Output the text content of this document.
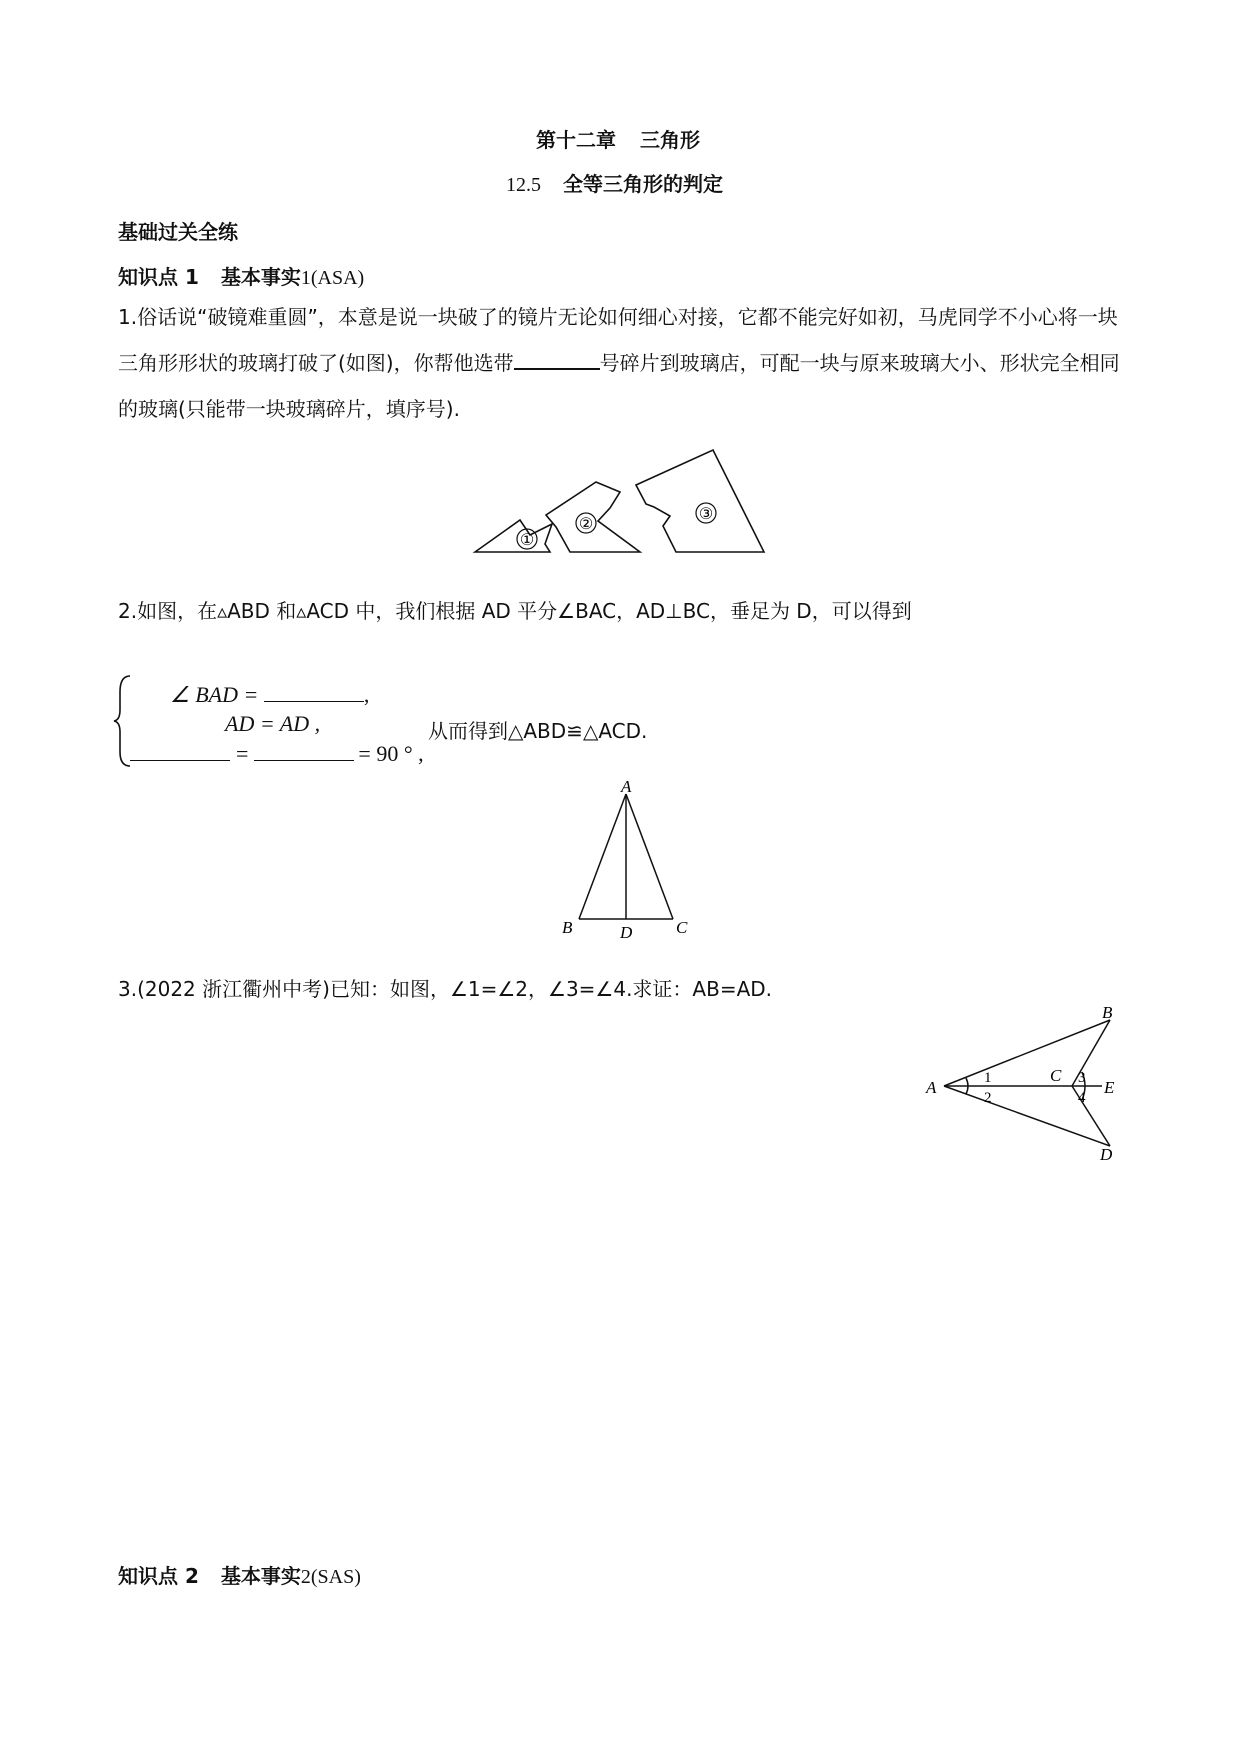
第十二章 三角形
12.5 全等三角形的判定
基础过关全练
知识点 1 基本事实1(ASA)
1.俗话说“破镜难重圆”，本意是说一块破了的镜片无论如何细心对接，它都不能完好如初，马虎同学不小心将一块三角形形状的玻璃打破了(如图)，你帮他选带	号碎片到玻璃店，可配一块与原来玻璃大小、形状完全相同的玻璃(只能带一块玻璃碎片，填序号).
①
②
③
2.如图，在▵ABD 和▵ACD 中，我们根据 AD 平分∠BAC，AD⊥BC，垂足为 D，可以得到
∠ BAD =	,
AD = AD ,
=	= 90 ° ,
从而得到△ABD≌△ACD.
A
B	D	C
3.(2022 浙江衢州中考)已知：如图，∠1=∠2，∠3=∠4.求证：AB=AD.
A
B
C
D
E
1
2
3
4
知识点 2 基本事实2(SAS)
